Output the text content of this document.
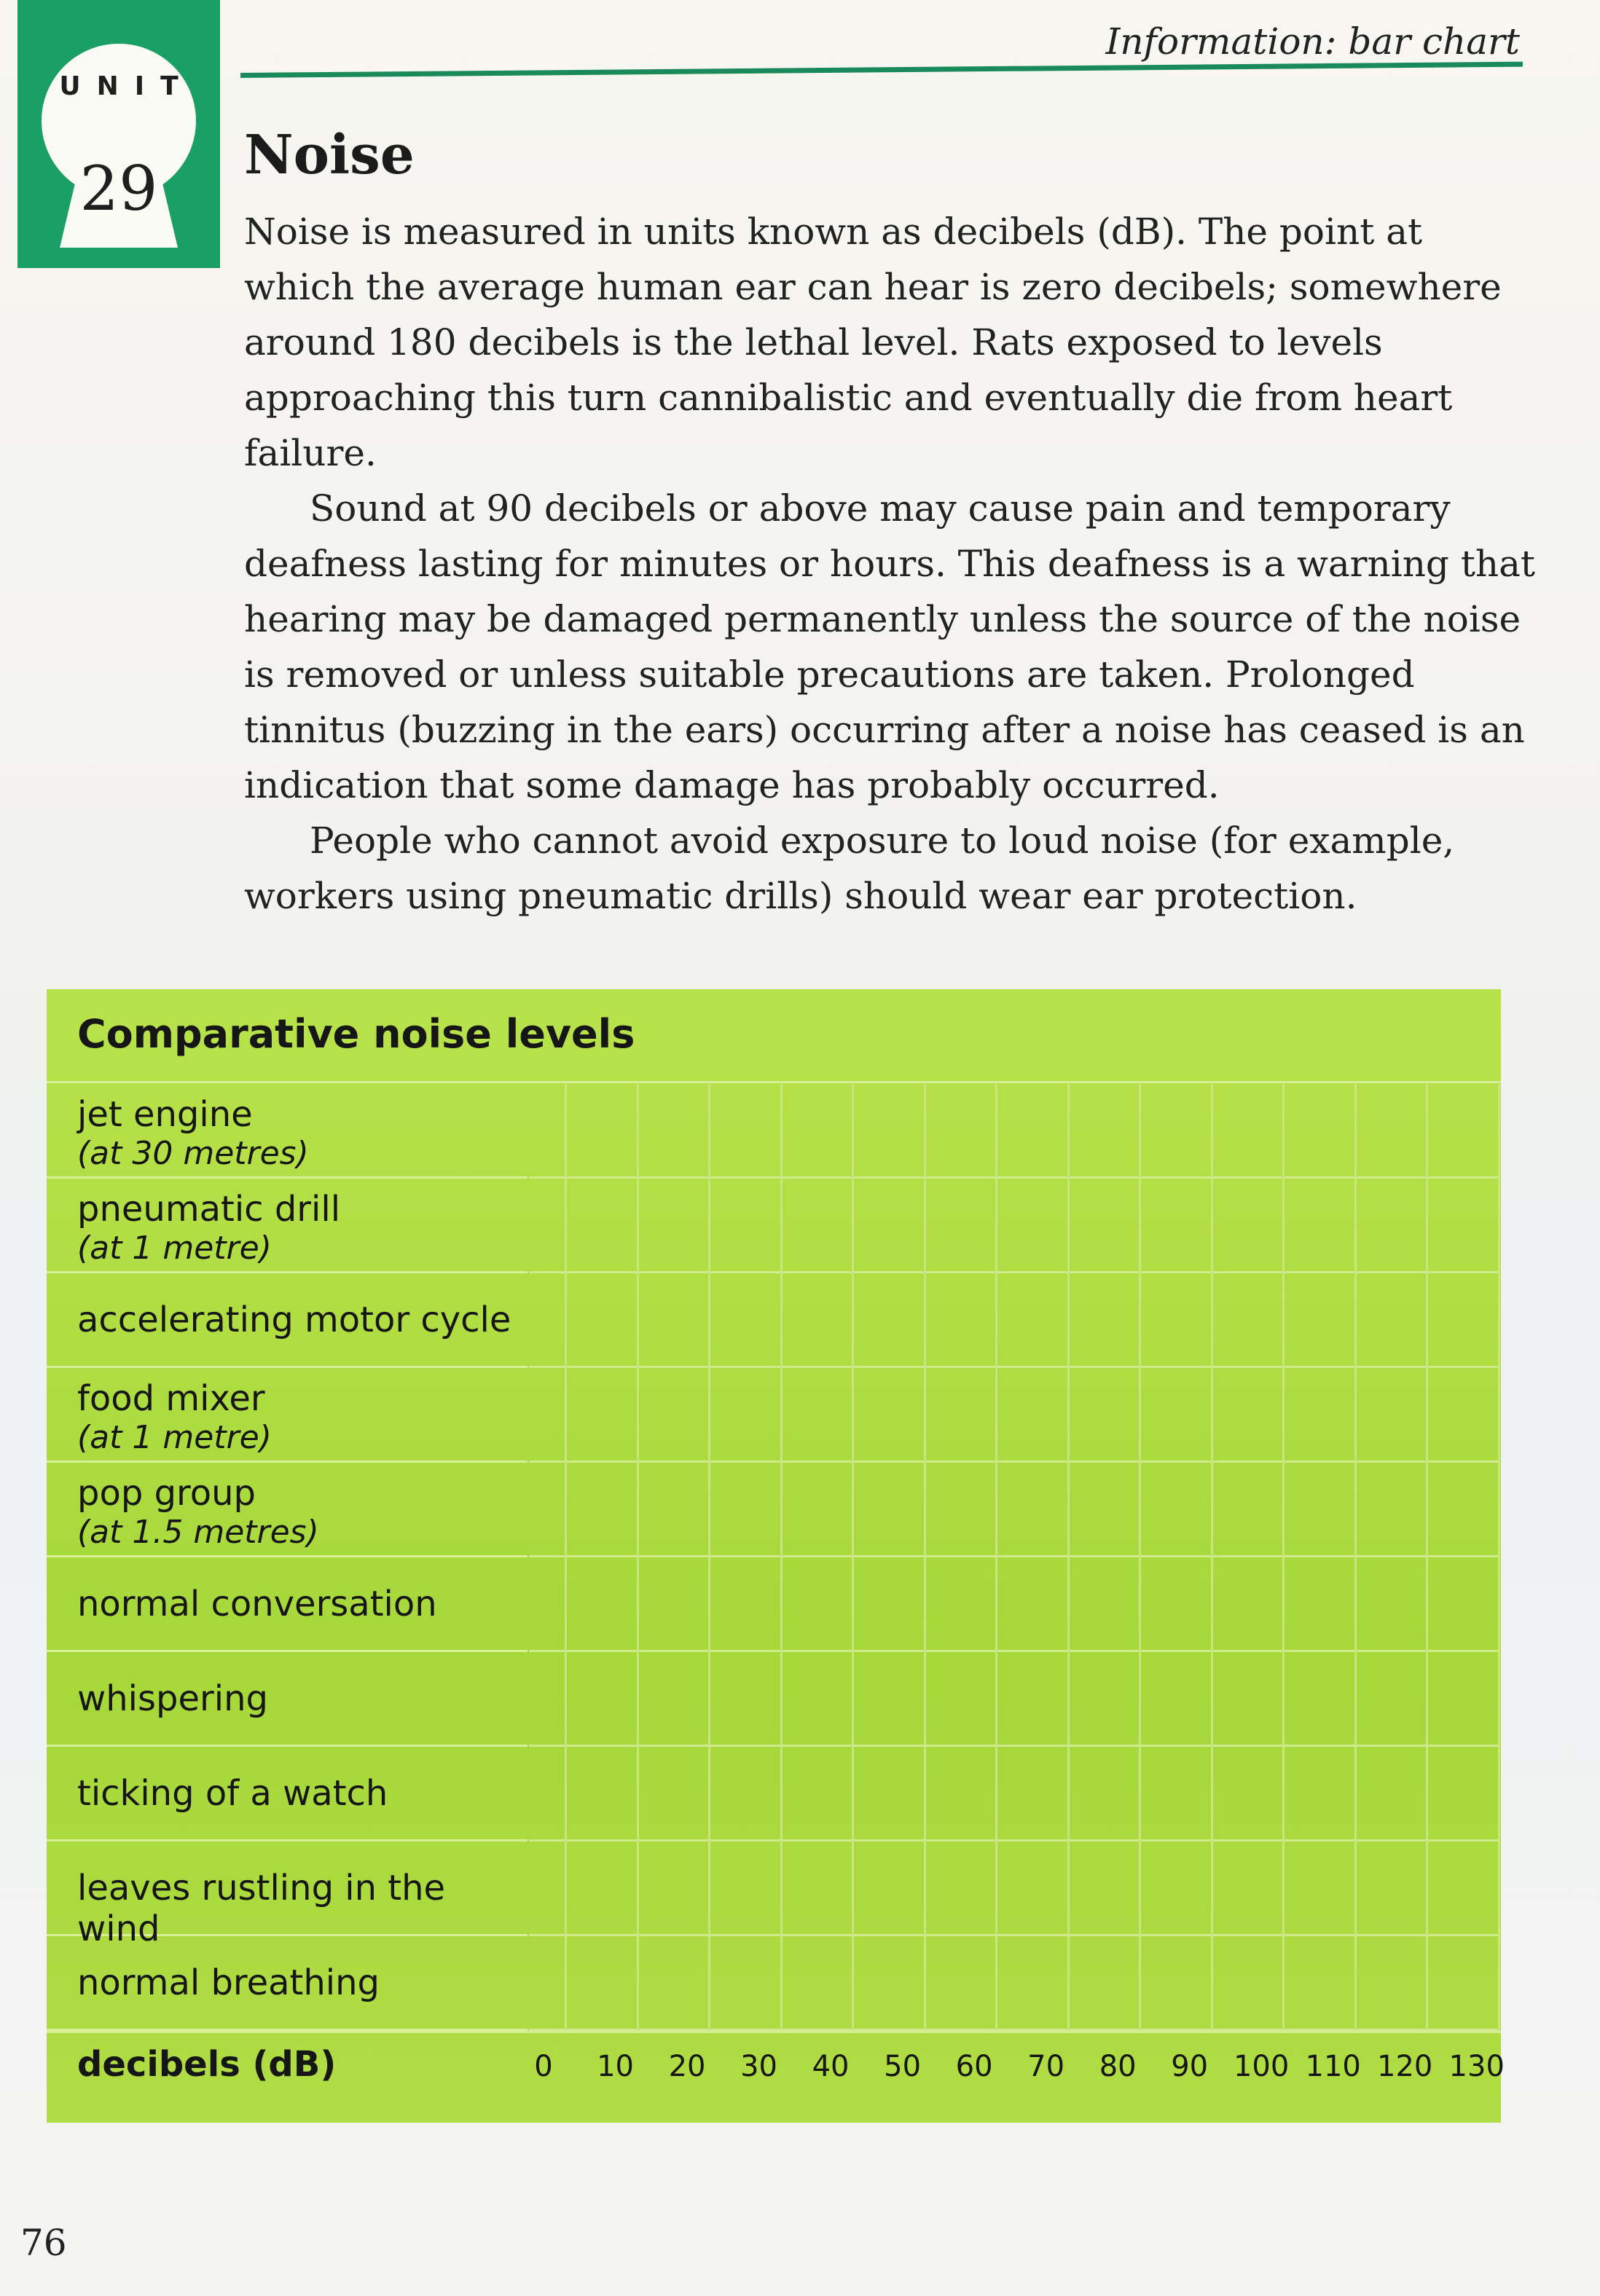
UNIT
29
Information: bar chart
Noise

Noise is measured in units known as decibels (dB). The point at which the average human ear can hear is zero decibels; somewhere around 180 decibels is the lethal level. Rats exposed to levels approaching this turn cannibalistic and eventually die from heart failure.

Sound at 90 decibels or above may cause pain and temporary deafness lasting for minutes or hours. This deafness is a warning that hearing may be damaged permanently unless the source of the noise is removed or unless suitable precautions are taken. Prolonged tinnitus (buzzing in the ears) occurring after a noise has ceased is an indication that some damage has probably occurred.

People who cannot avoid exposure to loud noise (for example, workers using pneumatic drills) should wear ear protection.

Comparative noise levels
jet engine
(at 30 metres)
pneumatic drill
(at 1 metre)
accelerating motor cycle
food mixer
(at 1 metre)
pop group
(at 1.5 metres)
normal conversation
whispering
ticking of a watch
leaves rustling in the wind
normal breathing
decibels (dB)	0	10	20	30	40	50	60	70	80	90 100 110 120 130
76
